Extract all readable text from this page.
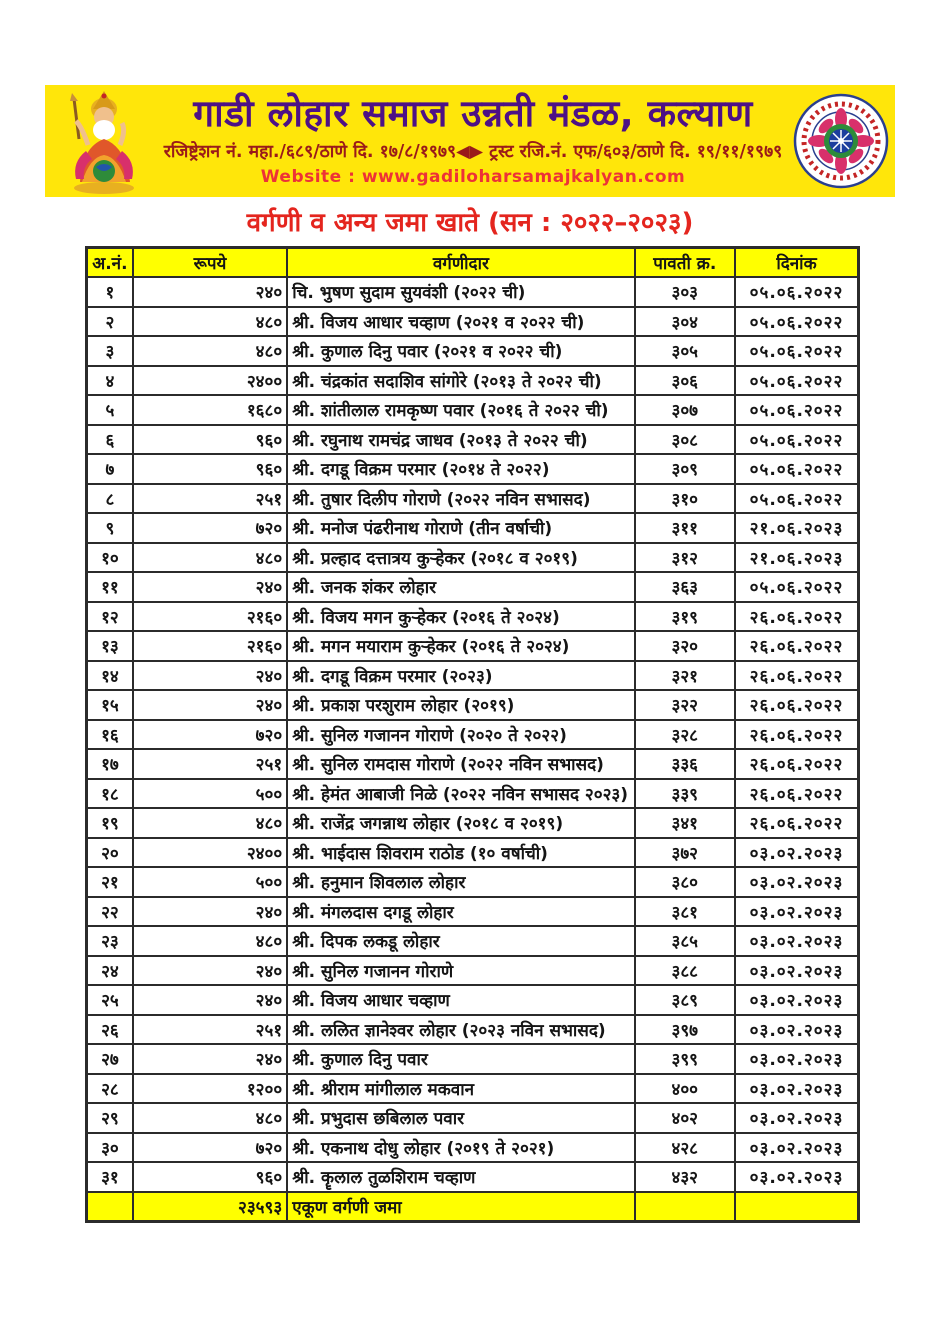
गाडी लोहार समाज उन्नती मंडळ, कल्याण
रजिष्ट्रेशन नं. महा./६८९/ठाणे दि. १७/८/१९७९◀▶ ट्रस्ट रजि.नं. एफ/६०३/ठाणे दि. १९/११/१९७९
Website : www.gadiloharsamajkalyan.com
वर्गणी व अन्य जमा खाते (सन : २०२२–२०२३)
अ.नं.	रूपये	वर्गणीदार	पावती क्र.	दिनांक
१	२४०	चि. भुषण सुदाम सुयवंशी (२०२२ ची)	३०३	०५.०६.२०२२
२	४८०	श्री. विजय आधार चव्हाण (२०२१ व २०२२ ची)	३०४	०५.०६.२०२२
३	४८०	श्री. कुणाल दिनु पवार (२०२१ व २०२२ ची)	३०५	०५.०६.२०२२
४	२४००	श्री. चंद्रकांत सदाशिव सांगोरे (२०१३ ते २०२२ ची)	३०६	०५.०६.२०२२
५	१६८०	श्री. शांतीलाल रामकृष्ण पवार (२०१६ ते २०२२ ची)	३०७	०५.०६.२०२२
६	९६०	श्री. रघुनाथ रामचंद्र जाधव (२०१३ ते २०२२ ची)	३०८	०५.०६.२०२२
७	९६०	श्री. दगडू विक्रम परमार (२०१४ ते २०२२)	३०९	०५.०६.२०२२
८	२५१	श्री. तुषार दिलीप गोराणे (२०२२ नविन सभासद)	३१०	०५.०६.२०२२
९	७२०	श्री. मनोज पंढरीनाथ गोराणे (तीन वर्षाची)	३११	२१.०६.२०२३
१०	४८०	श्री. प्रल्हाद दत्तात्रय कुऱ्हेकर (२०१८ व २०१९)	३१२	२१.०६.२०२३
११	२४०	श्री. जनक शंकर लोहार	३६३	०५.०६.२०२२
१२	२१६०	श्री. विजय मगन कुऱ्हेकर (२०१६ ते २०२४)	३१९	२६.०६.२०२२
१३	२१६०	श्री. मगन मयाराम कुऱ्हेकर (२०१६ ते २०२४)	३२०	२६.०६.२०२२
१४	२४०	श्री. दगडू विक्रम परमार (२०२३)	३२१	२६.०६.२०२२
१५	२४०	श्री. प्रकाश परशुराम लोहार (२०१९)	३२२	२६.०६.२०२२
१६	७२०	श्री. सुनिल गजानन गोराणे (२०२० ते २०२२)	३२८	२६.०६.२०२२
१७	२५१	श्री. सुनिल रामदास गोराणे (२०२२ नविन सभासद)	३३६	२६.०६.२०२२
१८	५००	श्री. हेमंत आबाजी निळे (२०२२ नविन सभासद २०२३)	३३९	२६.०६.२०२२
१९	४८०	श्री. राजेंद्र जगन्नाथ लोहार (२०१८ व २०१९)	३४१	२६.०६.२०२२
२०	२४००	श्री. भाईदास शिवराम राठोड (१० वर्षाची)	३७२	०३.०२.२०२३
२१	५००	श्री. हनुमान शिवलाल लोहार	३८०	०३.०२.२०२३
२२	२४०	श्री. मंगलदास दगडू लोहार	३८१	०३.०२.२०२३
२३	४८०	श्री. दिपक लकडू लोहार	३८५	०३.०२.२०२३
२४	२४०	श्री. सुनिल गजानन गोराणे	३८८	०३.०२.२०२३
२५	२४०	श्री. विजय आधार चव्हाण	३८९	०३.०२.२०२३
२६	२५१	श्री. ललित ज्ञानेश्वर लोहार (२०२३ नविन सभासद)	३९७	०३.०२.२०२३
२७	२४०	श्री. कुणाल दिनु पवार	३९९	०३.०२.२०२३
२८	१२००	श्री. श्रीराम मांगीलाल मकवान	४००	०३.०२.२०२३
२९	४८०	श्री. प्रभुदास छबिलाल पवार	४०२	०३.०२.२०२३
३०	७२०	श्री. एकनाथ दोधु लोहार (२०१९ ते २०२१)	४२८	०३.०२.२०२३
३१	९६०	श्री. कॄलाल तुळशिराम चव्हाण	४३२	०३.०२.२०२३
	२३५९३	एकूण वर्गणी जमा		
